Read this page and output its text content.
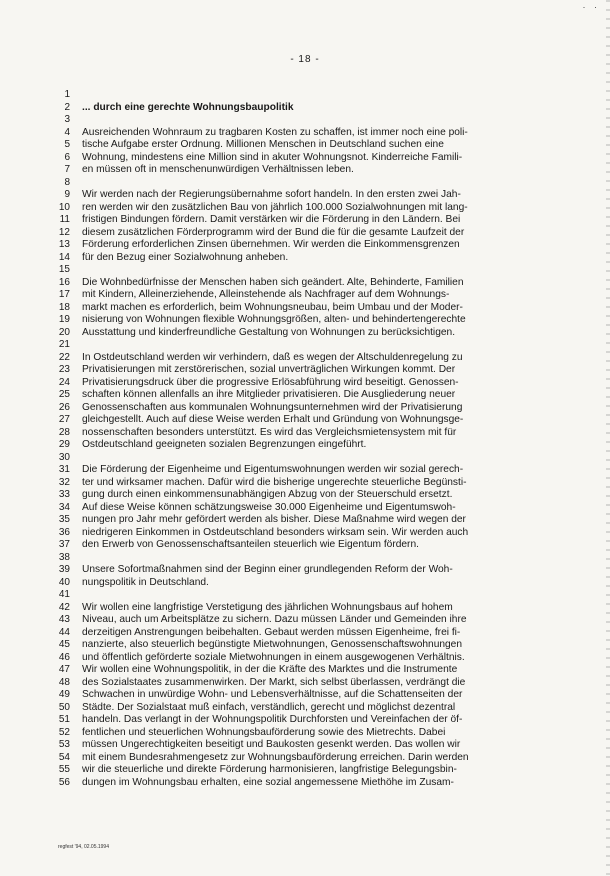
· ·
- 18 -
1
2 ... durch eine gerechte Wohnungsbaupolitik
3
4 Ausreichenden Wohnraum zu tragbaren Kosten zu schaffen, ist immer noch eine poli-
5 tische Aufgabe erster Ordnung. Millionen Menschen in Deutschland suchen eine
6 Wohnung, mindestens eine Million sind in akuter Wohnungsnot. Kinderreiche Famili-
7 en müssen oft in menschenunwürdigen Verhältnissen leben.
8
9 Wir werden nach der Regierungsübernahme sofort handeln. In den ersten zwei Jah-
10 ren werden wir den zusätzlichen Bau von jährlich 100.000 Sozialwohnungen mit lang-
11 fristigen Bindungen fördern. Damit verstärken wir die Förderung in den Ländern. Bei
12 diesem zusätzlichen Förderprogramm wird der Bund die für die gesamte Laufzeit der
13 Förderung erforderlichen Zinsen übernehmen. Wir werden die Einkommensgrenzen
14 für den Bezug einer Sozialwohnung anheben.
15
16 Die Wohnbedürfnisse der Menschen haben sich geändert. Alte, Behinderte, Familien
17 mit Kindern, Alleinerziehende, Alleinstehende als Nachfrager auf dem Wohnungs-
18 markt machen es erforderlich, beim Wohnungsneubau, beim Umbau und der Moder-
19 nisierung von Wohnungen flexible Wohnungsgrößen, alten- und behindertengerechte
20 Ausstattung und kinderfreundliche Gestaltung von Wohnungen zu berücksichtigen.
21
22 In Ostdeutschland werden wir verhindern, daß es wegen der Altschuldenregelung zu
23 Privatisierungen mit zerstörerischen, sozial unverträglichen Wirkungen kommt. Der
24 Privatisierungsdruck über die progressive Erlösabführung wird beseitigt. Genossen-
25 schaften können allenfalls an ihre Mitglieder privatisieren. Die Ausgliederung neuer
26 Genossenschaften aus kommunalen Wohnungsunternehmen wird der Privatisierung
27 gleichgestellt. Auch auf diese Weise werden Erhalt und Gründung von Wohnungsge-
28 nossenschaften besonders unterstützt. Es wird das Vergleichsmietensystem mit für
29 Ostdeutschland geeigneten sozialen Begrenzungen eingeführt.
30
31 Die Förderung der Eigenheime und Eigentumswohnungen werden wir sozial gerech-
32 ter und wirksamer machen. Dafür wird die bisherige ungerechte steuerliche Begünsti-
33 gung durch einen einkommensunabhängigen Abzug von der Steuerschuld ersetzt.
34 Auf diese Weise können schätzungsweise 30.000 Eigenheime und Eigentumswoh-
35 nungen pro Jahr mehr gefördert werden als bisher. Diese Maßnahme wird wegen der
36 niedrigeren Einkommen in Ostdeutschland besonders wirksam sein. Wir werden auch
37 den Erwerb von Genossenschaftsanteilen steuerlich wie Eigentum fördern.
38
39 Unsere Sofortmaßnahmen sind der Beginn einer grundlegenden Reform der Woh-
40 nungspolitik in Deutschland.
41
42 Wir wollen eine langfristige Verstetigung des jährlichen Wohnungsbaus auf hohem
43 Niveau, auch um Arbeitsplätze zu sichern. Dazu müssen Länder und Gemeinden ihre
44 derzeitigen Anstrengungen beibehalten. Gebaut werden müssen Eigenheime, frei fi-
45 nanzierte, also steuerlich begünstigte Mietwohnungen, Genossenschaftswohnungen
46 und öffentlich geförderte soziale Mietwohnungen in einem ausgewogenen Verhältnis.
47 Wir wollen eine Wohnungspolitik, in der die Kräfte des Marktes und die Instrumente
48 des Sozialstaates zusammenwirken. Der Markt, sich selbst überlassen, verdrängt die
49 Schwachen in unwürdige Wohn- und Lebensverhältnisse, auf die Schattenseiten der
50 Städte. Der Sozialstaat muß einfach, verständlich, gerecht und möglichst dezentral
51 handeln. Das verlangt in der Wohnungspolitik Durchforsten und Vereinfachen der öf-
52 fentlichen und steuerlichen Wohnungsbauförderung sowie des Mietrechts. Dabei
53 müssen Ungerechtigkeiten beseitigt und Baukosten gesenkt werden. Das wollen wir
54 mit einem Bundesrahmengesetz zur Wohnungsbauförderung erreichen. Darin werden
55 wir die steuerliche und direkte Förderung harmonisieren, langfristige Belegungsbin-
56 dungen im Wohnungsbau erhalten, eine sozial angemessene Miethöhe im Zusam-
regfest '94, 02.05.1994
